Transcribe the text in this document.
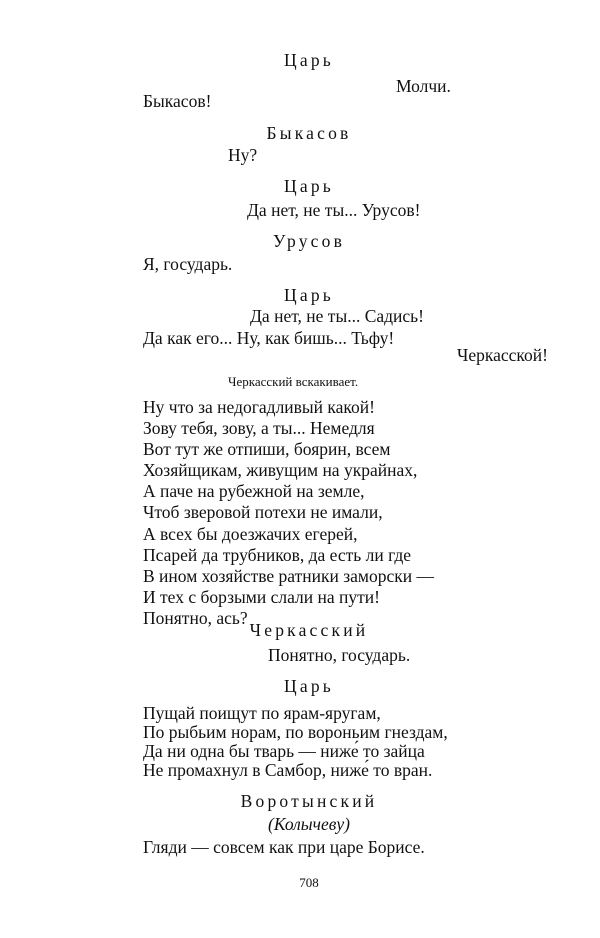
Царь
Молчи.
Быкасов!
Быкасов
Ну?
Царь
Да нет, не ты... Урусов!
Урусов
Я, государь.
Царь
Да нет, не ты... Садись!
Да как его... Ну, как бишь... Тьфу!
Черкасской!
Черкасский вскакивает.
Ну что за недогадливый какой!
Зову тебя, зову, а ты... Немедля
Вот тут же отпиши, боярин, всем
Хозяйщикам, живущим на украйнах,
А паче на рубежной на земле,
Чтоб зверовой потехи не имали,
А всех бы доезжачих егерей,
Псарей да трубников, да есть ли где
В ином хозяйстве ратники заморски —
И тех с борзыми слали на пути!
Понятно, ась?
Черкасский
Понятно, государь.
Царь
Пущай поищут по ярам-яругам,
По рыбьим норам, по вороньим гнездам,
Да ни одна бы тварь — ниже́ то зайца
Не промахнул в Самбор, ниже́ то вран.
Воротынский
(Колычеву)
Гляди — совсем как при царе Борисе.
708
